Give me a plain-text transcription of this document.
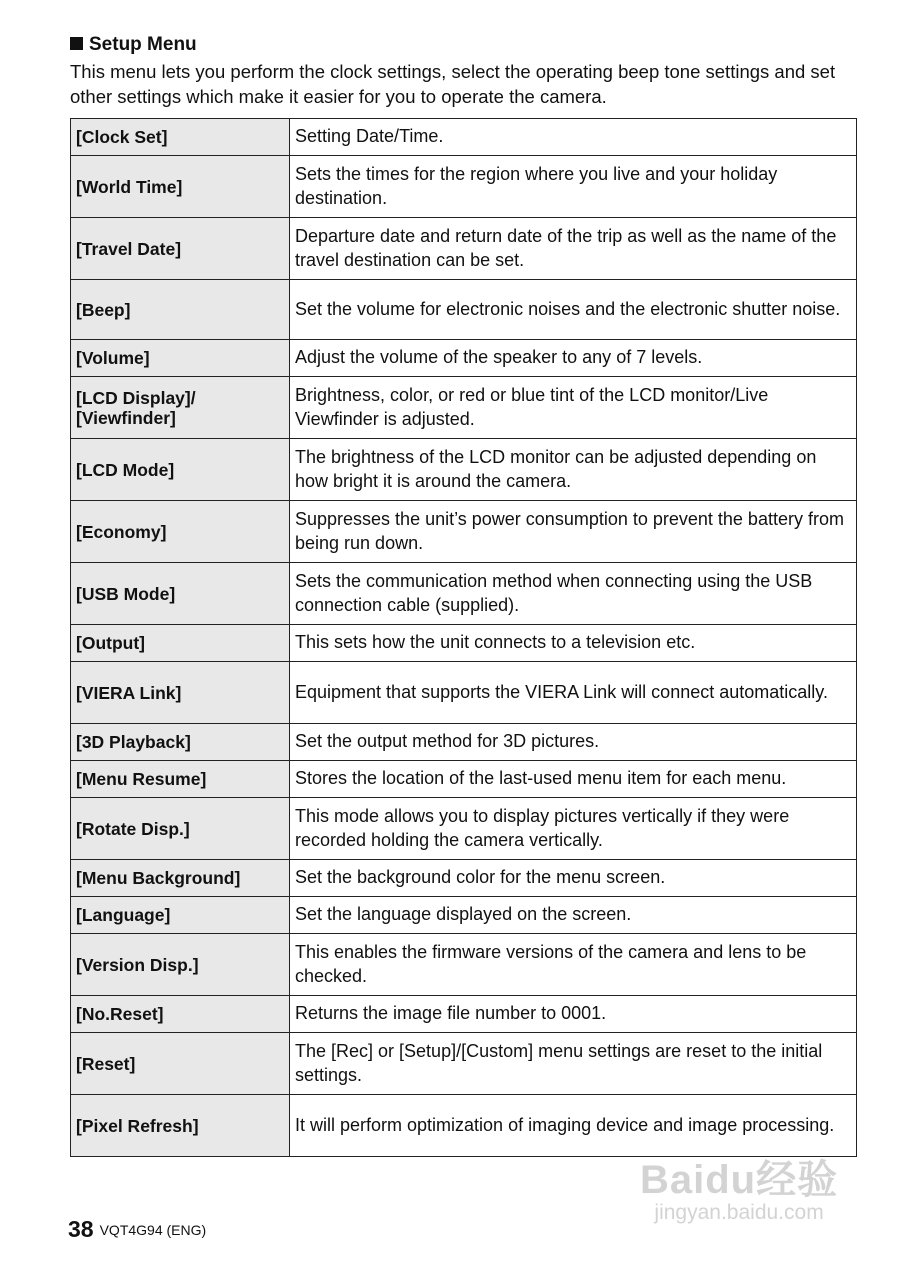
Setup Menu
This menu lets you perform the clock settings, select the operating beep tone settings and set other settings which make it easier for you to operate the camera.
[Clock Set]	Setting Date/Time.
[World Time]	Sets the times for the region where you live and your holiday destination.
[Travel Date]	Departure date and return date of the trip as well as the name of the travel destination can be set.
[Beep]	Set the volume for electronic noises and the electronic shutter noise.
[Volume]	Adjust the volume of the speaker to any of 7 levels.
[LCD Display]/
[Viewfinder]	Brightness, color, or red or blue tint of the LCD monitor/Live Viewfinder is adjusted.
[LCD Mode]	The brightness of the LCD monitor can be adjusted depending on how bright it is around the camera.
[Economy]	Suppresses the unit’s power consumption to prevent the battery from being run down.
[USB Mode]	Sets the communication method when connecting using the USB connection cable (supplied).
[Output]	This sets how the unit connects to a television etc.
[VIERA Link]	Equipment that supports the VIERA Link will connect automatically.
[3D Playback]	Set the output method for 3D pictures.
[Menu Resume]	Stores the location of the last-used menu item for each menu.
[Rotate Disp.]	This mode allows you to display pictures vertically if they were recorded holding the camera vertically.
[Menu Background]	Set the background color for the menu screen.
[Language]	Set the language displayed on the screen.
[Version Disp.]	This enables the firmware versions of the camera and lens to be checked.
[No.Reset]	Returns the image file number to 0001.
[Reset]	The [Rec] or [Setup]/[Custom] menu settings are reset to the initial settings.
[Pixel Refresh]	It will perform optimization of imaging device and image processing.
38 VQT4G94 (ENG)
Baidu经验
jingyan.baidu.com
